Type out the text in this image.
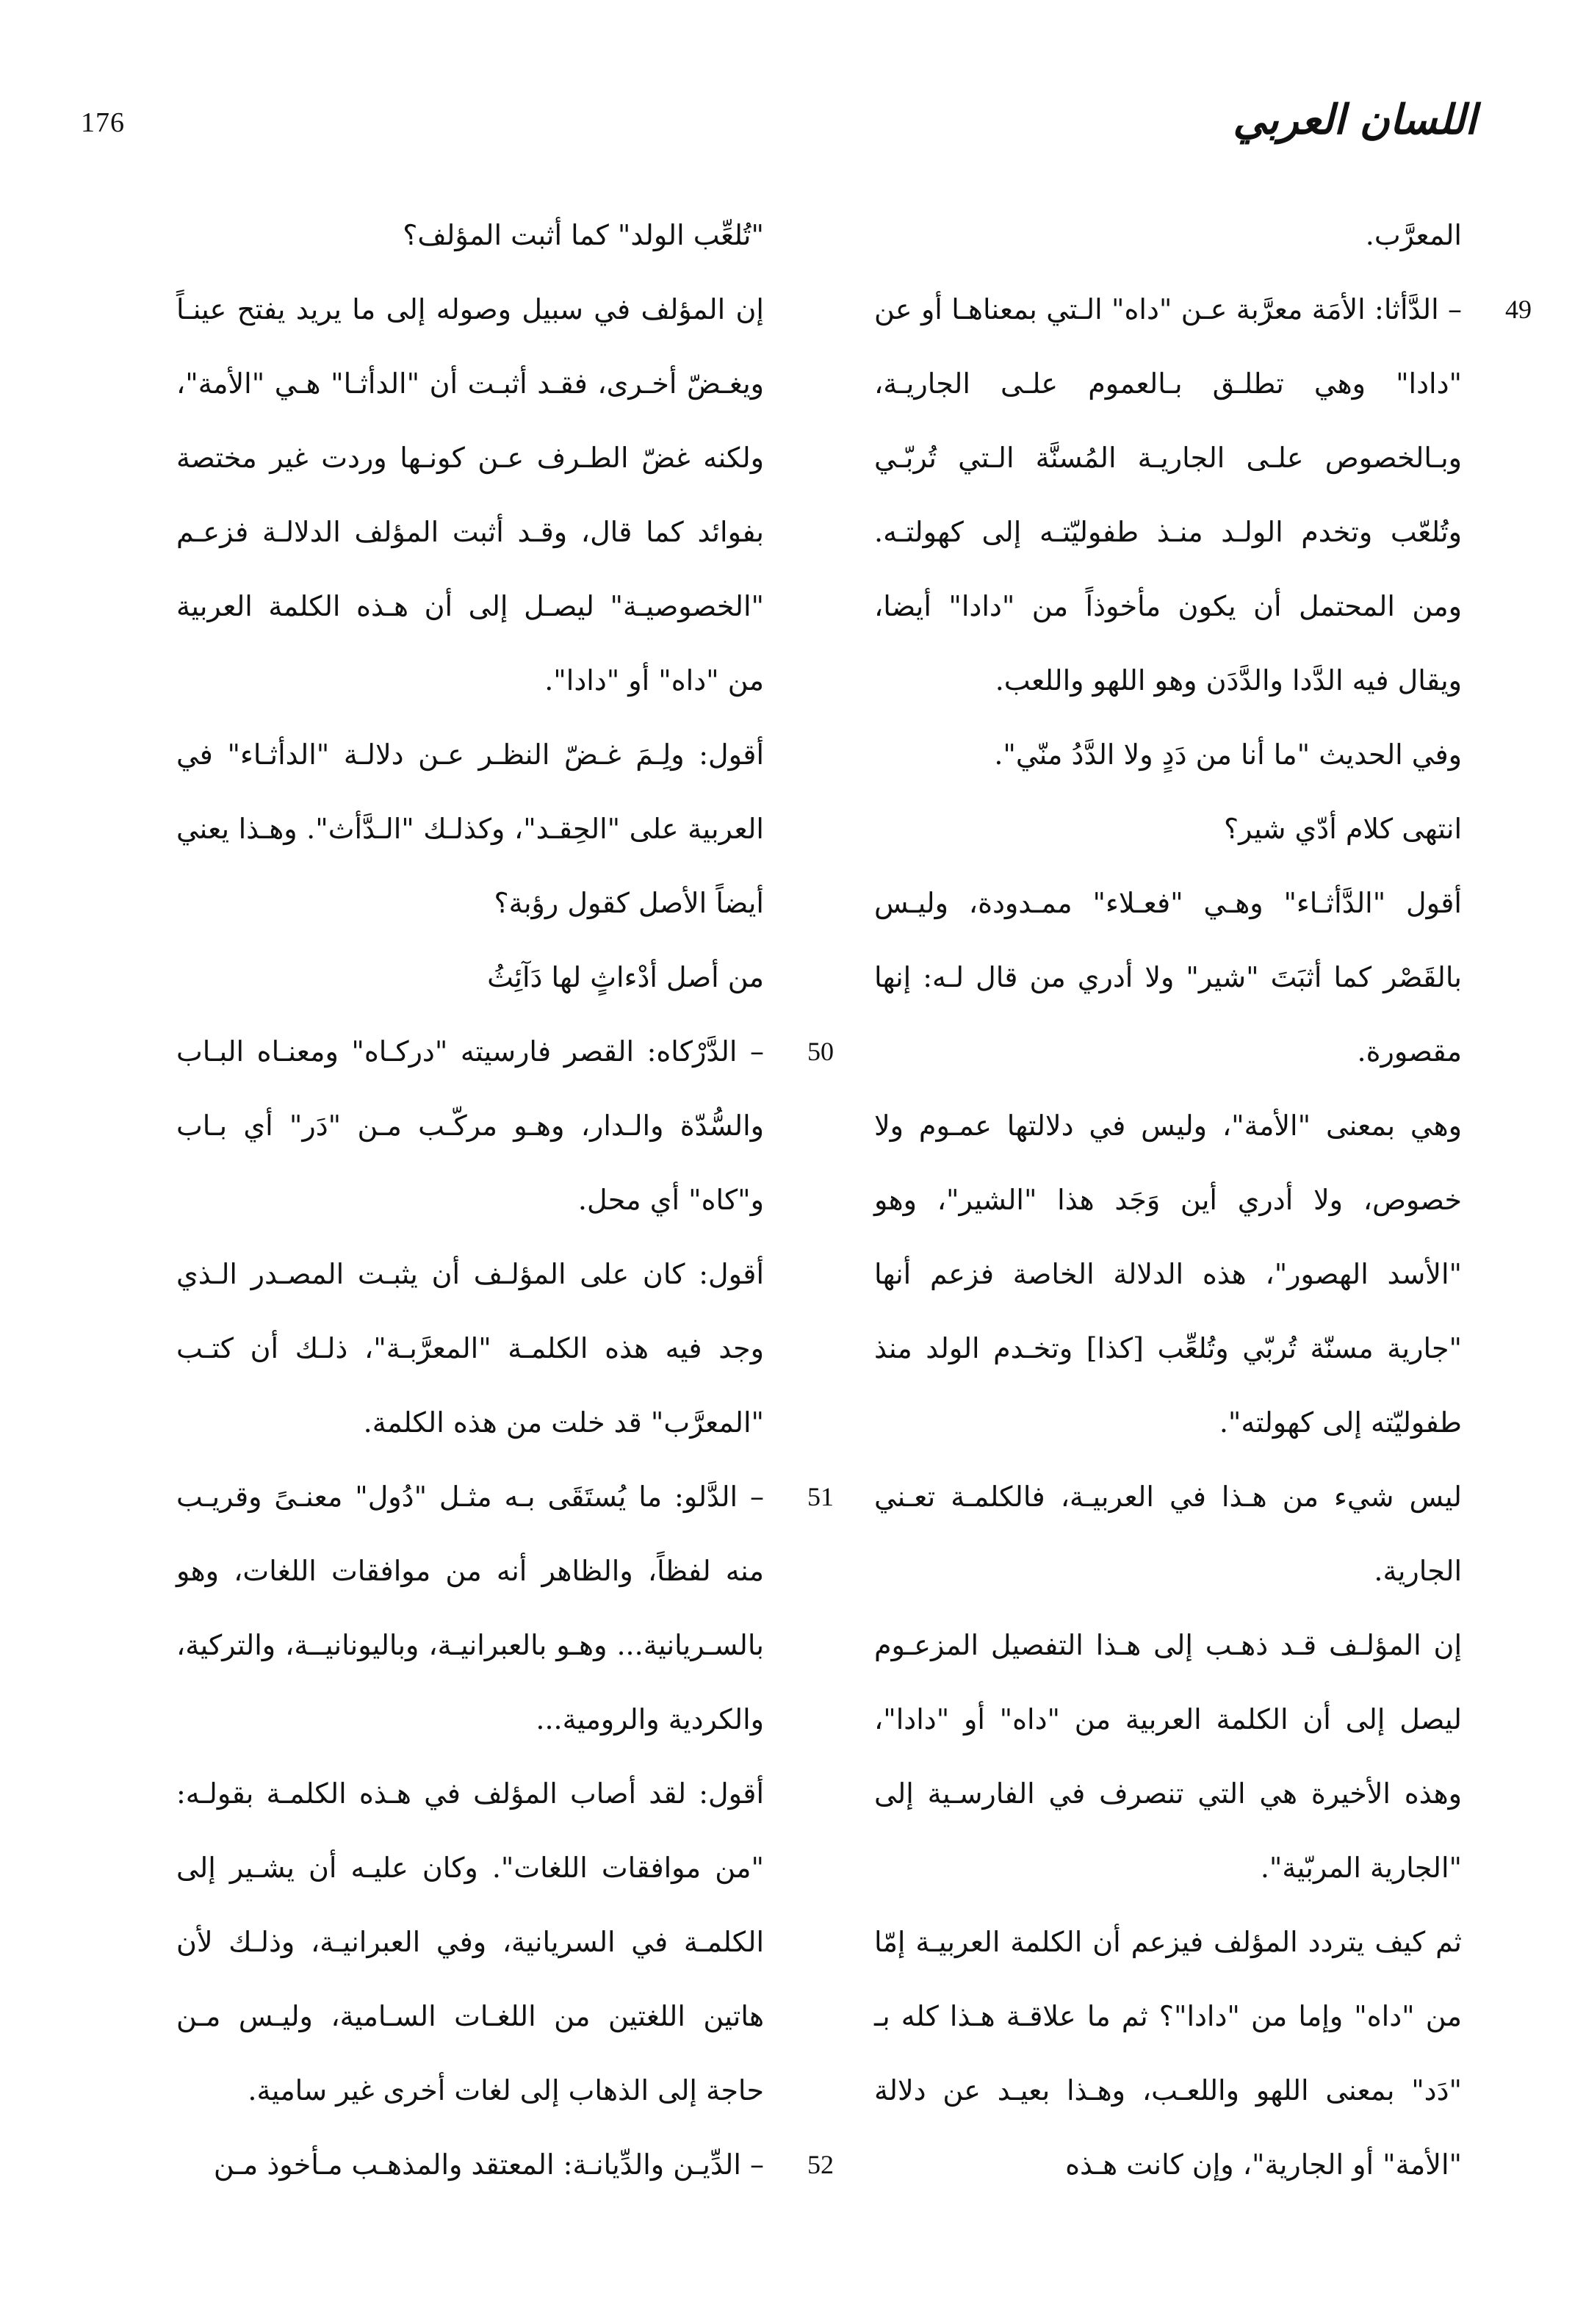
176	اللسان العربي

المعرَّب.

49
– الدَّأثا: الأمَة معرَّبة عـن "داه" الـتي بمعناهـا أو عن "دادا" وهي تطلـق بـالعموم علـى الجاريـة، وبـالخصوص علـى الجاريـة المُسنَّة الـتي تُربّـي وتُلعّب وتخدم الولـد منـذ طفوليّتـه إلى كهولتـه. ومن المحتمل أن يكون مأخوذاً من "دادا" أيضا، ويقال فيه الدَّدا والدَّدَن وهو اللهو واللعب.

وفي الحديث "ما أنا من دَدٍ ولا الدَّدُ منّي".

انتهى كلام أدّي شير؟

أقول "الدَّأثـاء" وهـي "فعـلاء" ممـدودة، وليـس بالقَصْر كما أثبَتَ "شير" ولا أدري من قال لـه: إنها مقصورة.

وهي بمعنى "الأمة"، وليس في دلالتها عمـوم ولا خصوص، ولا أدري أين وَجَد هذا "الشير"، وهو "الأسد الهصور"، هذه الدلالة الخاصة فزعم أنها "جارية مسنّة تُربّي وتُلعِّب [كذا] وتخـدم الولد منذ طفوليّته إلى كهولته".

ليس شيء من هـذا في العربيـة، فالكلمـة تعـني الجارية.

إن المؤلـف قـد ذهـب إلى هـذا التفصيل المزعـوم ليصل إلى أن الكلمة العربية من "داه" أو "دادا"، وهذه الأخيرة هي التي تنصرف في الفارسـية إلى "الجارية المربّية".

ثم كيف يتردد المؤلف فيزعم أن الكلمة العربيـة إمّا من "داه" وإما من "دادا"؟ ثم ما علاقـة هـذا كله بـ "دَد" بمعنى اللهو واللعـب، وهـذا بعيـد عن دلالة "الأمة" أو الجارية"، وإن كانت هـذه

"تُلعِّب الولد" كما أثبت المؤلف؟

إن المؤلف في سبيل وصوله إلى ما يريد يفتح عينـاً ويغـضّ أخـرى، فقـد أثبـت أن "الدأثـا" هـي "الأمة"، ولكنه غضّ الطـرف عـن كونـها وردت غير مختصة بفوائد كما قال، وقـد أثبت المؤلف الدلالـة فزعـم "الخصوصيـة" ليصـل إلى أن هـذه الكلمة العربية من "داه" أو "دادا".

أقول: ولِـمَ غـضّ النظـر عـن دلالـة "الدأثـاء" في العربية على "الحِقـد"، وكذلـك "الـدَّأث". وهـذا يعني أيضاً الأصل كقول رؤبة؟

من أصل أدْءاثٍ لها دَآئِثُ

50
– الدَّرْكاه: القصر فارسيته "دركـاه" ومعنـاه البـاب والسُّدّة والـدار، وهـو مركّـب مـن "دَر" أي بـاب و"كاه" أي محل.

أقول: كان على المؤلـف أن يثبـت المصـدر الـذي وجد فيه هذه الكلمـة "المعرَّبـة"، ذلـك أن كتـب "المعرَّب" قد خلت من هذه الكلمة.

51
– الدَّلو: ما يُستَقَى بـه مثـل "دُول" معنـىً وقريـب منه لفظاً، والظاهر أنه من موافقات اللغات، وهو بالسـريانية... وهـو بالعبرانيـة، وباليونانيــة، والتركية، والكردية والرومية...

أقول: لقد أصاب المؤلف في هـذه الكلمـة بقولـه: "من موافقات اللغات". وكان عليـه أن يشـير إلى الكلمـة في السريانية، وفي العبرانيـة، وذلـك لأن هاتين اللغتين من اللغـات السـامية، وليـس مـن حاجة إلى الذهاب إلى لغات أخرى غير سامية.

52
– الدِّيـن والدِّيانـة: المعتقد والمذهـب مـأخوذ مـن
